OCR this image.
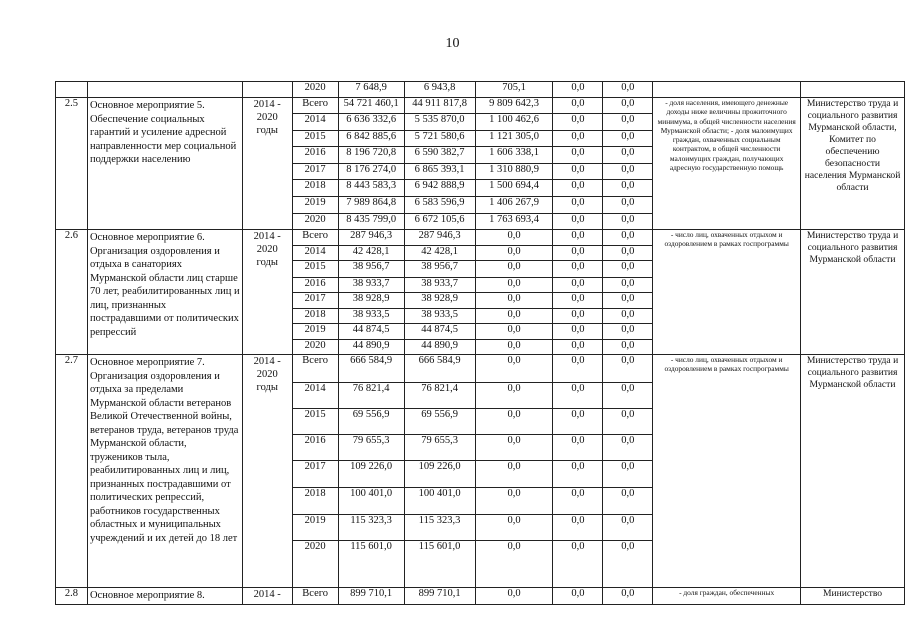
10
			2020	7 648,9	6 943,8	705,1	0,0	0,0		
2.5	Основное мероприятие 5. Обеспечение социальных гарантий и усиление адресной направленности мер социальной поддержки населению	2014 - 2020 годы	Всего	54 721 460,1	44 911 817,8	9 809 642,3	0,0	0,0	- доля населения, имеющего денежные доходы ниже величины прожиточного минимума, в общей численности населения Мурманской области; - доля малоимущих граждан, охваченных социальным контрактом, в общей численности малоимущих граждан, получающих адресную государственную помощь	Министерство труда и социального развития Мурманской области, Комитет по обеспечению безопасности населения Мурманской области
			2014	6 636 332,6	5 535 870,0	1 100 462,6	0,0	0,0		
			2015	6 842 885,6	5 721 580,6	1 121 305,0	0,0	0,0		
			2016	8 196 720,8	6 590 382,7	1 606 338,1	0,0	0,0		
			2017	8 176 274,0	6 865 393,1	1 310 880,9	0,0	0,0		
			2018	8 443 583,3	6 942 888,9	1 500 694,4	0,0	0,0		
			2019	7 989 864,8	6 583 596,9	1 406 267,9	0,0	0,0		
			2020	8 435 799,0	6 672 105,6	1 763 693,4	0,0	0,0		
2.6	Основное мероприятие 6. Организация оздоровления и отдыха в санаториях Мурманской области лиц старше 70 лет, реабилитированных лиц и лиц, признанных пострадавшими от политических репрессий	2014 - 2020 годы	Всего	287 946,3	287 946,3	0,0	0,0	0,0	- число лиц, охваченных отдыхом и оздоровлением в рамках госпрограммы	Министерство труда и социального развития Мурманской области
			2014	42 428,1	42 428,1	0,0	0,0	0,0		
			2015	38 956,7	38 956,7	0,0	0,0	0,0		
			2016	38 933,7	38 933,7	0,0	0,0	0,0		
			2017	38 928,9	38 928,9	0,0	0,0	0,0		
			2018	38 933,5	38 933,5	0,0	0,0	0,0		
			2019	44 874,5	44 874,5	0,0	0,0	0,0		
			2020	44 890,9	44 890,9	0,0	0,0	0,0		
2.7	Основное мероприятие 7. Организация оздоровления и отдыха за пределами Мурманской области ветеранов Великой Отечественной войны, ветеранов труда, ветеранов труда Мурманской области, тружеников тыла, реабилитированных лиц и лиц, признанных пострадавшими от политических репрессий, работников государственных областных и муниципальных учреждений и их детей до 18 лет	2014 - 2020 годы	Всего	666 584,9	666 584,9	0,0	0,0	0,0	- число лиц, охваченных отдыхом и оздоровлением в рамках госпрограммы	Министерство труда и социального развития Мурманской области
			2014	76 821,4	76 821,4	0,0	0,0	0,0		
			2015	69 556,9	69 556,9	0,0	0,0	0,0		
			2016	79 655,3	79 655,3	0,0	0,0	0,0		
			2017	109 226,0	109 226,0	0,0	0,0	0,0		
			2018	100 401,0	100 401,0	0,0	0,0	0,0		
			2019	115 323,3	115 323,3	0,0	0,0	0,0		
			2020	115 601,0	115 601,0	0,0	0,0	0,0		
2.8	Основное мероприятие 8.	2014 -	Всего	899 710,1	899 710,1	0,0	0,0	0,0	- доля граждан, обеспеченных	Министерство
